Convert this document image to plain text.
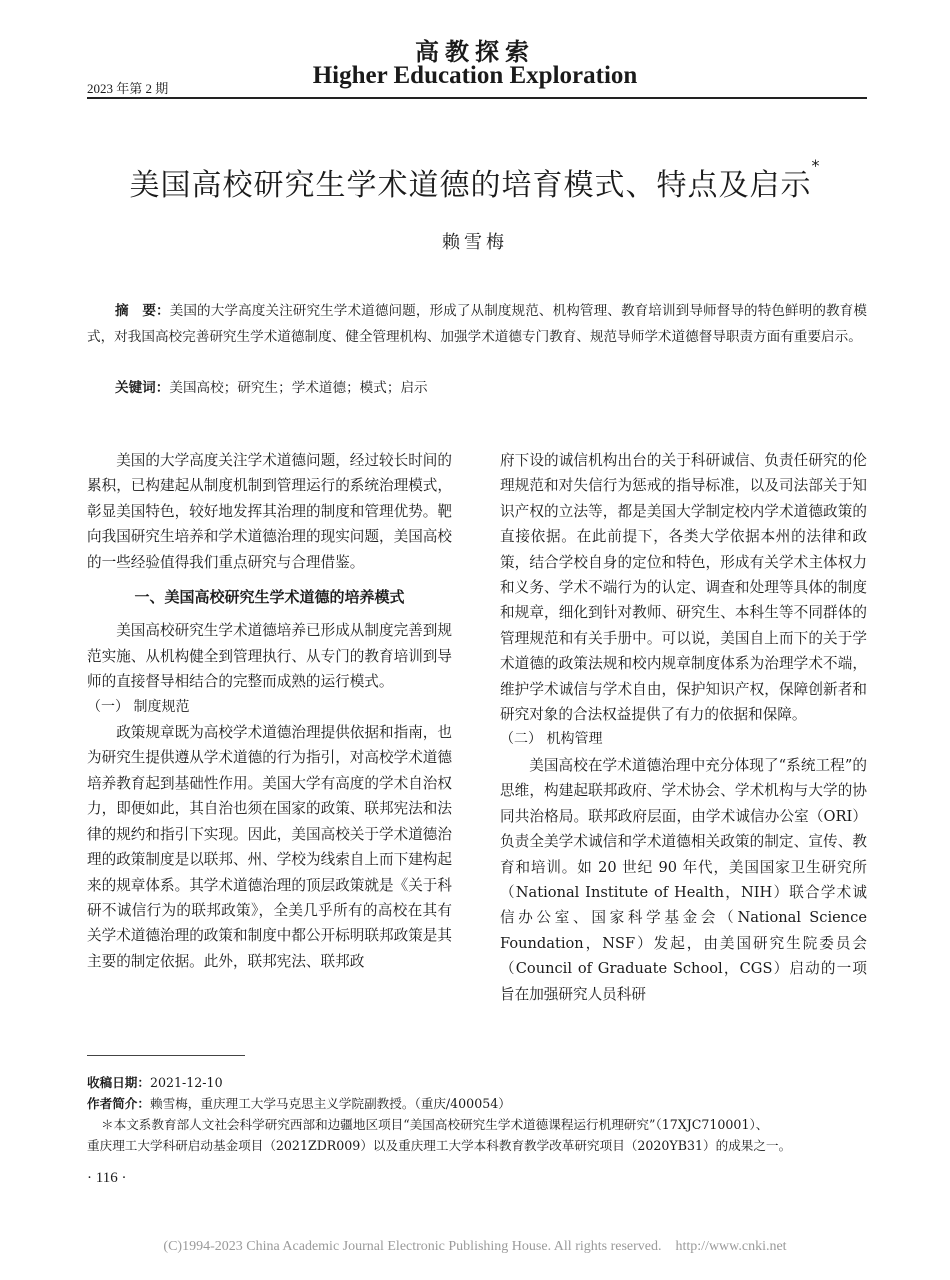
高教探索
2023 年第 2 期	Higher Education Exploration
美国高校研究生学术道德的培育模式、特点及启示*
赖雪梅
摘　要：美国的大学高度关注研究生学术道德问题，形成了从制度规范、机构管理、教育培训到导师督导的特色鲜明的教育模式，对我国高校完善研究生学术道德制度、健全管理机构、加强学术道德专门教育、规范导师学术道德督导职责方面有重要启示。
关键词：美国高校；研究生；学术道德；模式；启示

美国的大学高度关注学术道德问题，经过较长时间的累积，已构建起从制度机制到管理运行的系统治理模式，彰显美国特色，较好地发挥其治理的制度和管理优势。靶向我国研究生培养和学术道德治理的现实问题，美国高校的一些经验值得我们重点研究与合理借鉴。

一、美国高校研究生学术道德的培养模式

美国高校研究生学术道德培养已形成从制度完善到规范实施、从机构健全到管理执行、从专门的教育培训到导师的直接督导相结合的完整而成熟的运行模式。

（一） 制度规范

政策规章既为高校学术道德治理提供依据和指南，也为研究生提供遵从学术道德的行为指引，对高校学术道德培养教育起到基础性作用。美国大学有高度的学术自治权力，即便如此，其自治也须在国家的政策、联邦宪法和法律的规约和指引下实现。因此，美国高校关于学术道德治理的政策制度是以联邦、州、学校为线索自上而下建构起来的规章体系。其学术道德治理的顶层政策就是《关于科研不诚信行为的联邦政策》，全美几乎所有的高校在其有关学术道德治理的政策和制度中都公开标明联邦政策是其主要的制定依据。此外，联邦宪法、联邦政

府下设的诚信机构出台的关于科研诚信、负责任研究的伦理规范和对失信行为惩戒的指导标准，以及司法部关于知识产权的立法等，都是美国大学制定校内学术道德政策的直接依据。在此前提下，各类大学依据本州的法律和政策，结合学校自身的定位和特色，形成有关学术主体权力和义务、学术不端行为的认定、调查和处理等具体的制度和规章，细化到针对教师、研究生、本科生等不同群体的管理规范和有关手册中。可以说，美国自上而下的关于学术道德的政策法规和校内规章制度体系为治理学术不端，维护学术诚信与学术自由，保护知识产权，保障创新者和研究对象的合法权益提供了有力的依据和保障。

（二） 机构管理

美国高校在学术道德治理中充分体现了“系统工程”的思维，构建起联邦政府、学术协会、学术机构与大学的协同共治格局。联邦政府层面，由学术诚信办公室（ORI）负责全美学术诚信和学术道德相关政策的制定、宣传、教育和培训。如 20 世纪 90 年代，美国国家卫生研究所（National Institute of Health，NIH）联合学术诚信办公室、国家科学基金会（National Science Foundation，NSF）发起，由美国研究生院委员会（Council of Graduate School，CGS）启动的一项旨在加强研究人员科研

收稿日期：2021-12-10
作者简介：赖雪梅，重庆理工大学马克思主义学院副教授。（重庆/400054）
＊本文系教育部人文社会科学研究西部和边疆地区项目“美国高校研究生学术道德课程运行机理研究”（17XJC710001）、
重庆理工大学科研启动基金项目（2021ZDR009）以及重庆理工大学本科教育教学改革研究项目（2020YB31）的成果之一。
· 116 ·
(C)1994-2023 China Academic Journal Electronic Publishing House. All rights reserved.　http://www.cnki.net
